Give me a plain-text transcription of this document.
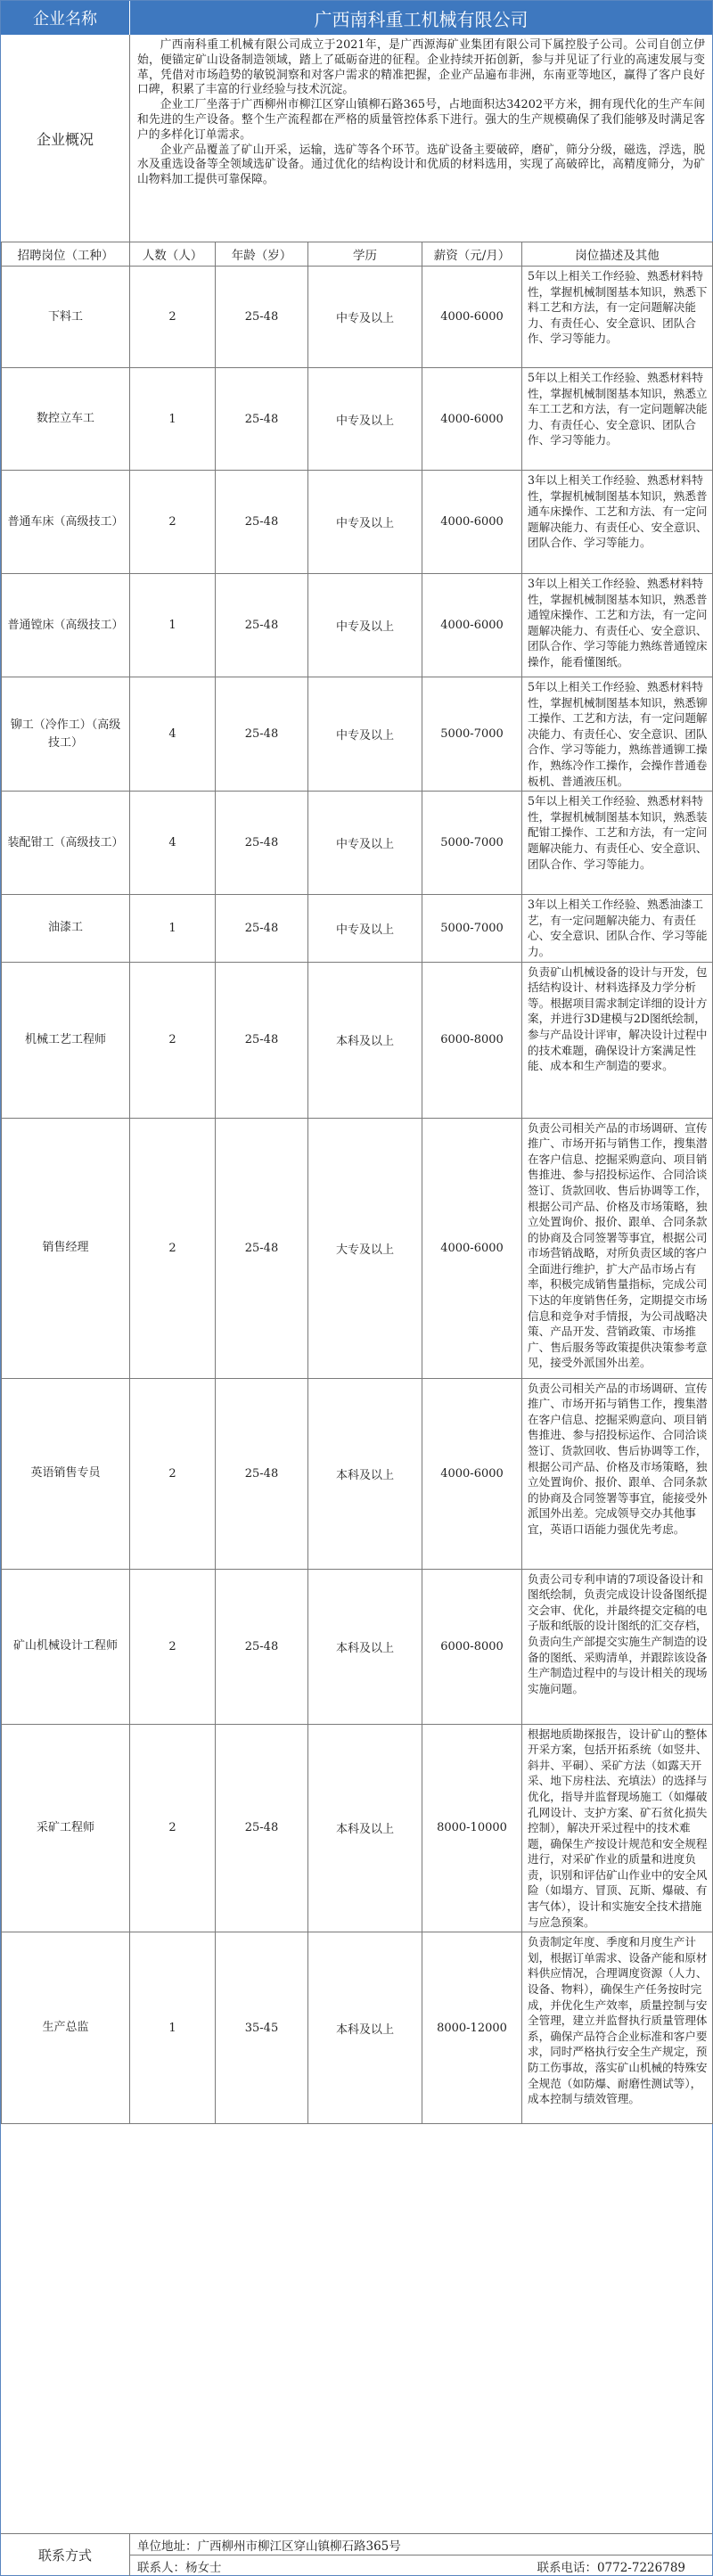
企业名称	广西南科重工机械有限公司
企业概况

广西南科重工机械有限公司成立于2021年，是广西源海矿业集团有限公司下属控股子公司。公司自创立伊始，便锚定矿山设备制造领域，踏上了砥砺奋进的征程。企业持续开拓创新，参与并见证了行业的高速发展与变革，凭借对市场趋势的敏锐洞察和对客户需求的精准把握，企业产品遍布非洲，东南亚等地区，赢得了客户良好口碑，积累了丰富的行业经验与技术沉淀。

企业工厂坐落于广西柳州市柳江区穿山镇柳石路365号，占地面积达34202平方米，拥有现代化的生产车间和先进的生产设备。整个生产流程都在严格的质量管控体系下进行。强大的生产规模确保了我们能够及时满足客户的多样化订单需求。

企业产品覆盖了矿山开采，运输，选矿等各个环节。选矿设备主要破碎，磨矿，筛分分级，磁选，浮选，脱水及重选设备等全领域选矿设备。通过优化的结构设计和优质的材料选用，实现了高破碎比，高精度筛分，为矿山物料加工提供可靠保障。

招聘岗位（工种）	人数（人）	年龄（岁）	学历	薪资（元/月）	岗位描述及其他
下料工	2	25-48	中专及以上	4000-6000	5年以上相关工作经验、熟悉材料特性，掌握机械制图基本知识，熟悉下料工艺和方法，有一定问题解决能力、有责任心、安全意识、团队合作、学习等能力。
数控立车工	1	25-48	中专及以上	4000-6000	5年以上相关工作经验、熟悉材料特性，掌握机械制图基本知识，熟悉立车工工艺和方法，有一定问题解决能力、有责任心、安全意识、团队合作、学习等能力。
普通车床（高级技工）	2	25-48	中专及以上	4000-6000	3年以上相关工作经验、熟悉材料特性，掌握机械制图基本知识，熟悉普通车床操作、工艺和方法、有一定问题解决能力、有责任心、安全意识、团队合作、学习等能力。
普通镗床（高级技工）	1	25-48	中专及以上	4000-6000	3年以上相关工作经验、熟悉材料特性，掌握机械制图基本知识，熟悉普通镗床操作、工艺和方法，有一定问题解决能力、有责任心、安全意识、团队合作、学习等能力熟练普通镗床操作，能看懂图纸。
铆工（冷作工）（高级技工）	4	25-48	中专及以上	5000-7000	5年以上相关工作经验、熟悉材料特性，掌握机械制图基本知识，熟悉铆工操作、工艺和方法，有一定问题解决能力、有责任心、安全意识、团队合作、学习等能力，熟练普通铆工操作，熟练冷作工操作，会操作普通卷板机、普通液压机。
装配钳工（高级技工）	4	25-48	中专及以上	5000-7000	5年以上相关工作经验、熟悉材料特性，掌握机械制图基本知识，熟悉装配钳工操作、工艺和方法，有一定问题解决能力、有责任心、安全意识、团队合作、学习等能力。
油漆工	1	25-48	中专及以上	5000-7000	3年以上相关工作经验、熟悉油漆工艺，有一定问题解决能力、有责任心、安全意识、团队合作、学习等能力。
机械工艺工程师	2	25-48	本科及以上	6000-8000	负责矿山机械设备的设计与开发，包括结构设计、材料选择及力学分析等。根据项目需求制定详细的设计方案，并进行3D建模与2D图纸绘制，参与产品设计评审，解决设计过程中的技术难题，确保设计方案满足性能、成本和生产制造的要求。
销售经理	2	25-48	大专及以上	4000-6000	负责公司相关产品的市场调研、宣传推广、市场开拓与销售工作，搜集潜在客户信息、挖掘采购意向、项目销售推进、参与招投标运作、合同洽谈签订、货款回收、售后协调等工作，根据公司产品、价格及市场策略，独立处置询价、报价、跟单、合同条款的协商及合同签署等事宜，根据公司市场营销战略，对所负责区域的客户全面进行维护，扩大产品市场占有率，积极完成销售量指标，完成公司下达的年度销售任务，定期提交市场信息和竞争对手情报，为公司战略决策、产品开发、营销政策、市场推广、售后服务等政策提供决策参考意见，接受外派国外出差。
英语销售专员	2	25-48	本科及以上	4000-6000	负责公司相关产品的市场调研、宣传推广、市场开拓与销售工作，搜集潜在客户信息、挖掘采购意向、项目销售推进、参与招投标运作、合同洽谈签订、货款回收、售后协调等工作，根据公司产品、价格及市场策略，独立处置询价、报价、跟单、合同条款的协商及合同签署等事宜，能接受外派国外出差。完成领导交办其他事宜，英语口语能力强优先考虑。
矿山机械设计工程师	2	25-48	本科及以上	6000-8000	负责公司专利申请的7项设备设计和图纸绘制，负责完成设计设备图纸提交会审、优化，并最终提交定稿的电子版和纸版的设计图纸的汇交存档，负责向生产部提交实施生产制造的设备的图纸、采购清单，并跟踪该设备生产制造过程中的与设计相关的现场实施问题。
采矿工程师	2	25-48	本科及以上	8000-10000	根据地质勘探报告，设计矿山的整体开采方案，包括开拓系统（如竖井、斜井、平硐）、采矿方法（如露天开采、地下房柱法、充填法）的选择与优化，指导并监督现场施工（如爆破孔网设计、支护方案、矿石贫化损失控制），解决开采过程中的技术难题，确保生产按设计规范和安全规程进行，对采矿作业的质量和进度负责，识别和评估矿山作业中的安全风险（如塌方、冒顶、瓦斯、爆破、有害气体），设计和实施安全技术措施与应急预案。
生产总监	1	35-45	本科及以上	8000-12000	负责制定年度、季度和月度生产计划，根据订单需求、设备产能和原材料供应情况，合理调度资源（人力、设备、物料），确保生产任务按时完成，并优化生产效率，质量控制与安全管理，建立并监督执行质量管理体系，确保产品符合企业标准和客户要求，同时严格执行安全生产规定，预防工伤事故，落实矿山机械的特殊安全规范（如防爆、耐磨性测试等），成本控制与绩效管理。
联系方式
单位地址：广西柳州市柳江区穿山镇柳石路365号
联系人：杨女士	联系电话：0772-7226789
